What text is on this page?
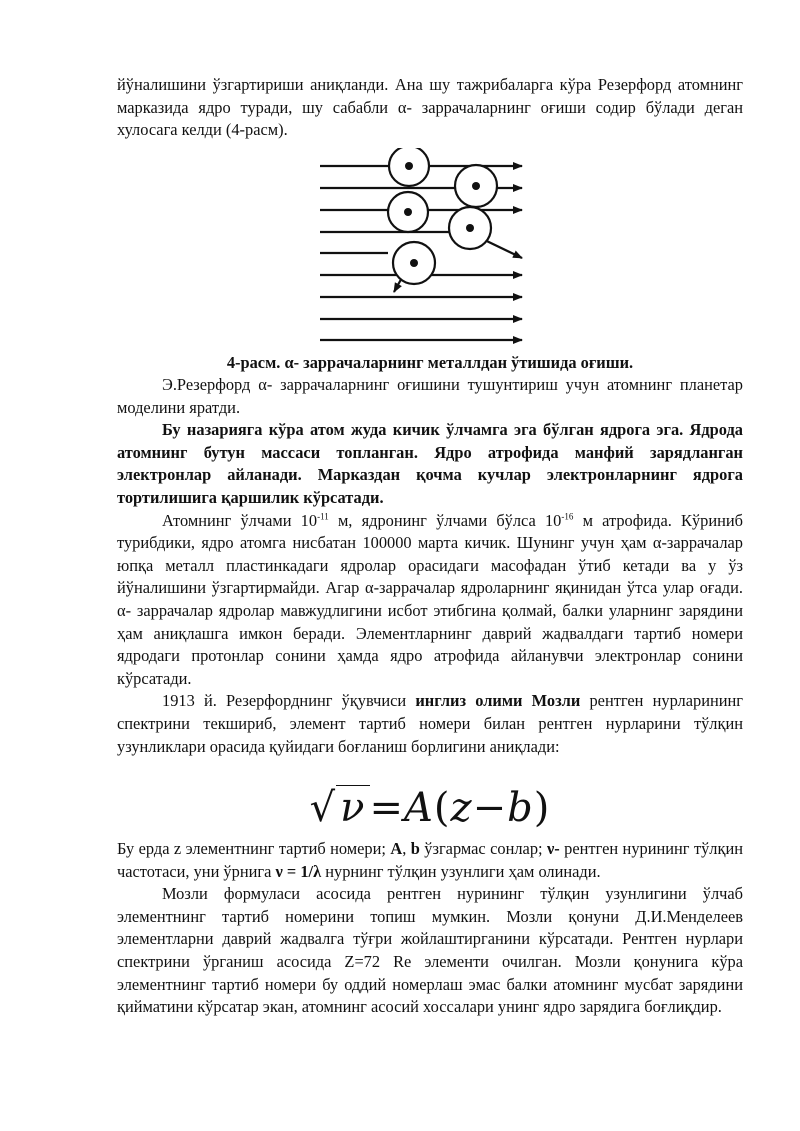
йўналишини ўзгартириши аниқланди. Ана шу тажрибаларга кўра Резерфорд атомнинг марказида ядро туради, шу сабабли α- заррачаларнинг оғиши содир бўлади деган хулосага келди (4-расм).

4-расм. α- заррачаларнинг металлдан ўтишида оғиши.

Э.Резерфорд α- заррачаларнинг оғишини тушунтириш учун атомнинг планетар моделини яратди.

Бу назарияга кўра атом жуда кичик ўлчамга эга бўлган ядрога эга. Ядрода атомнинг бутун массаси топланган. Ядро атрофида манфий зарядланган электронлар айланади. Марказдан қочма кучлар электронларнинг ядрога тортилишига қаршилик кўрсатади.

Атомнинг ўлчами $10^{-11}$ м, ядронинг ўлчами бўлса $10^{-16}$ м атрофида. Кўриниб турибдики, ядро атомга нисбатан 100000 марта кичик. Шунинг учун ҳам α-заррачалар юпқа металл пластинкадаги ядролар орасидаги масофадан ўтиб кетади ва у ўз йўналишини ўзгартирмайди. Агар α-заррачалар ядроларнинг яқинидан ўтса улар оғади. α- заррачалар ядролар мавжудлигини исбот этибгина қолмай, балки уларнинг зарядини ҳам аниқлашга имкон беради. Элементларнинг даврий жадвалдаги тартиб номери ядродаги протонлар сонини ҳамда ядро атрофида айланувчи электронлар сонини кўрсатади.

1913 й. Резерфорднинг ўқувчиси инглиз олими Мозли рентген нурларининг спектрини текшириб, элемент тартиб номери билан рентген нурларини тўлқин узунликлари орасида қуйидаги боғланиш борлигини аниқлади:

√ ν =A(z−b)

Бу ерда z элементнинг тартиб номери; A, b ўзгармас сонлар; ν- рентген нурининг тўлқин частотаси, уни ўрнига ν = 1/λ нурнинг тўлқин узунлиги ҳам олинади.

Мозли формуласи асосида рентген нурининг тўлқин узунлигини ўлчаб элементнинг тартиб номерини топиш мумкин. Мозли қонуни Д.И.Менделеев элементларни даврий жадвалга тўғри жойлаштирганини кўрсатади. Рентген нурлари спектрини ўрганиш асосида Z=72 Re элементи очилган. Мозли қонунига кўра элементнинг тартиб номери бу оддий номерлаш эмас балки атомнинг мусбат зарядини қийматини кўрсатар экан, атомнинг асосий хоссалари унинг ядро зарядига боғлиқдир.
